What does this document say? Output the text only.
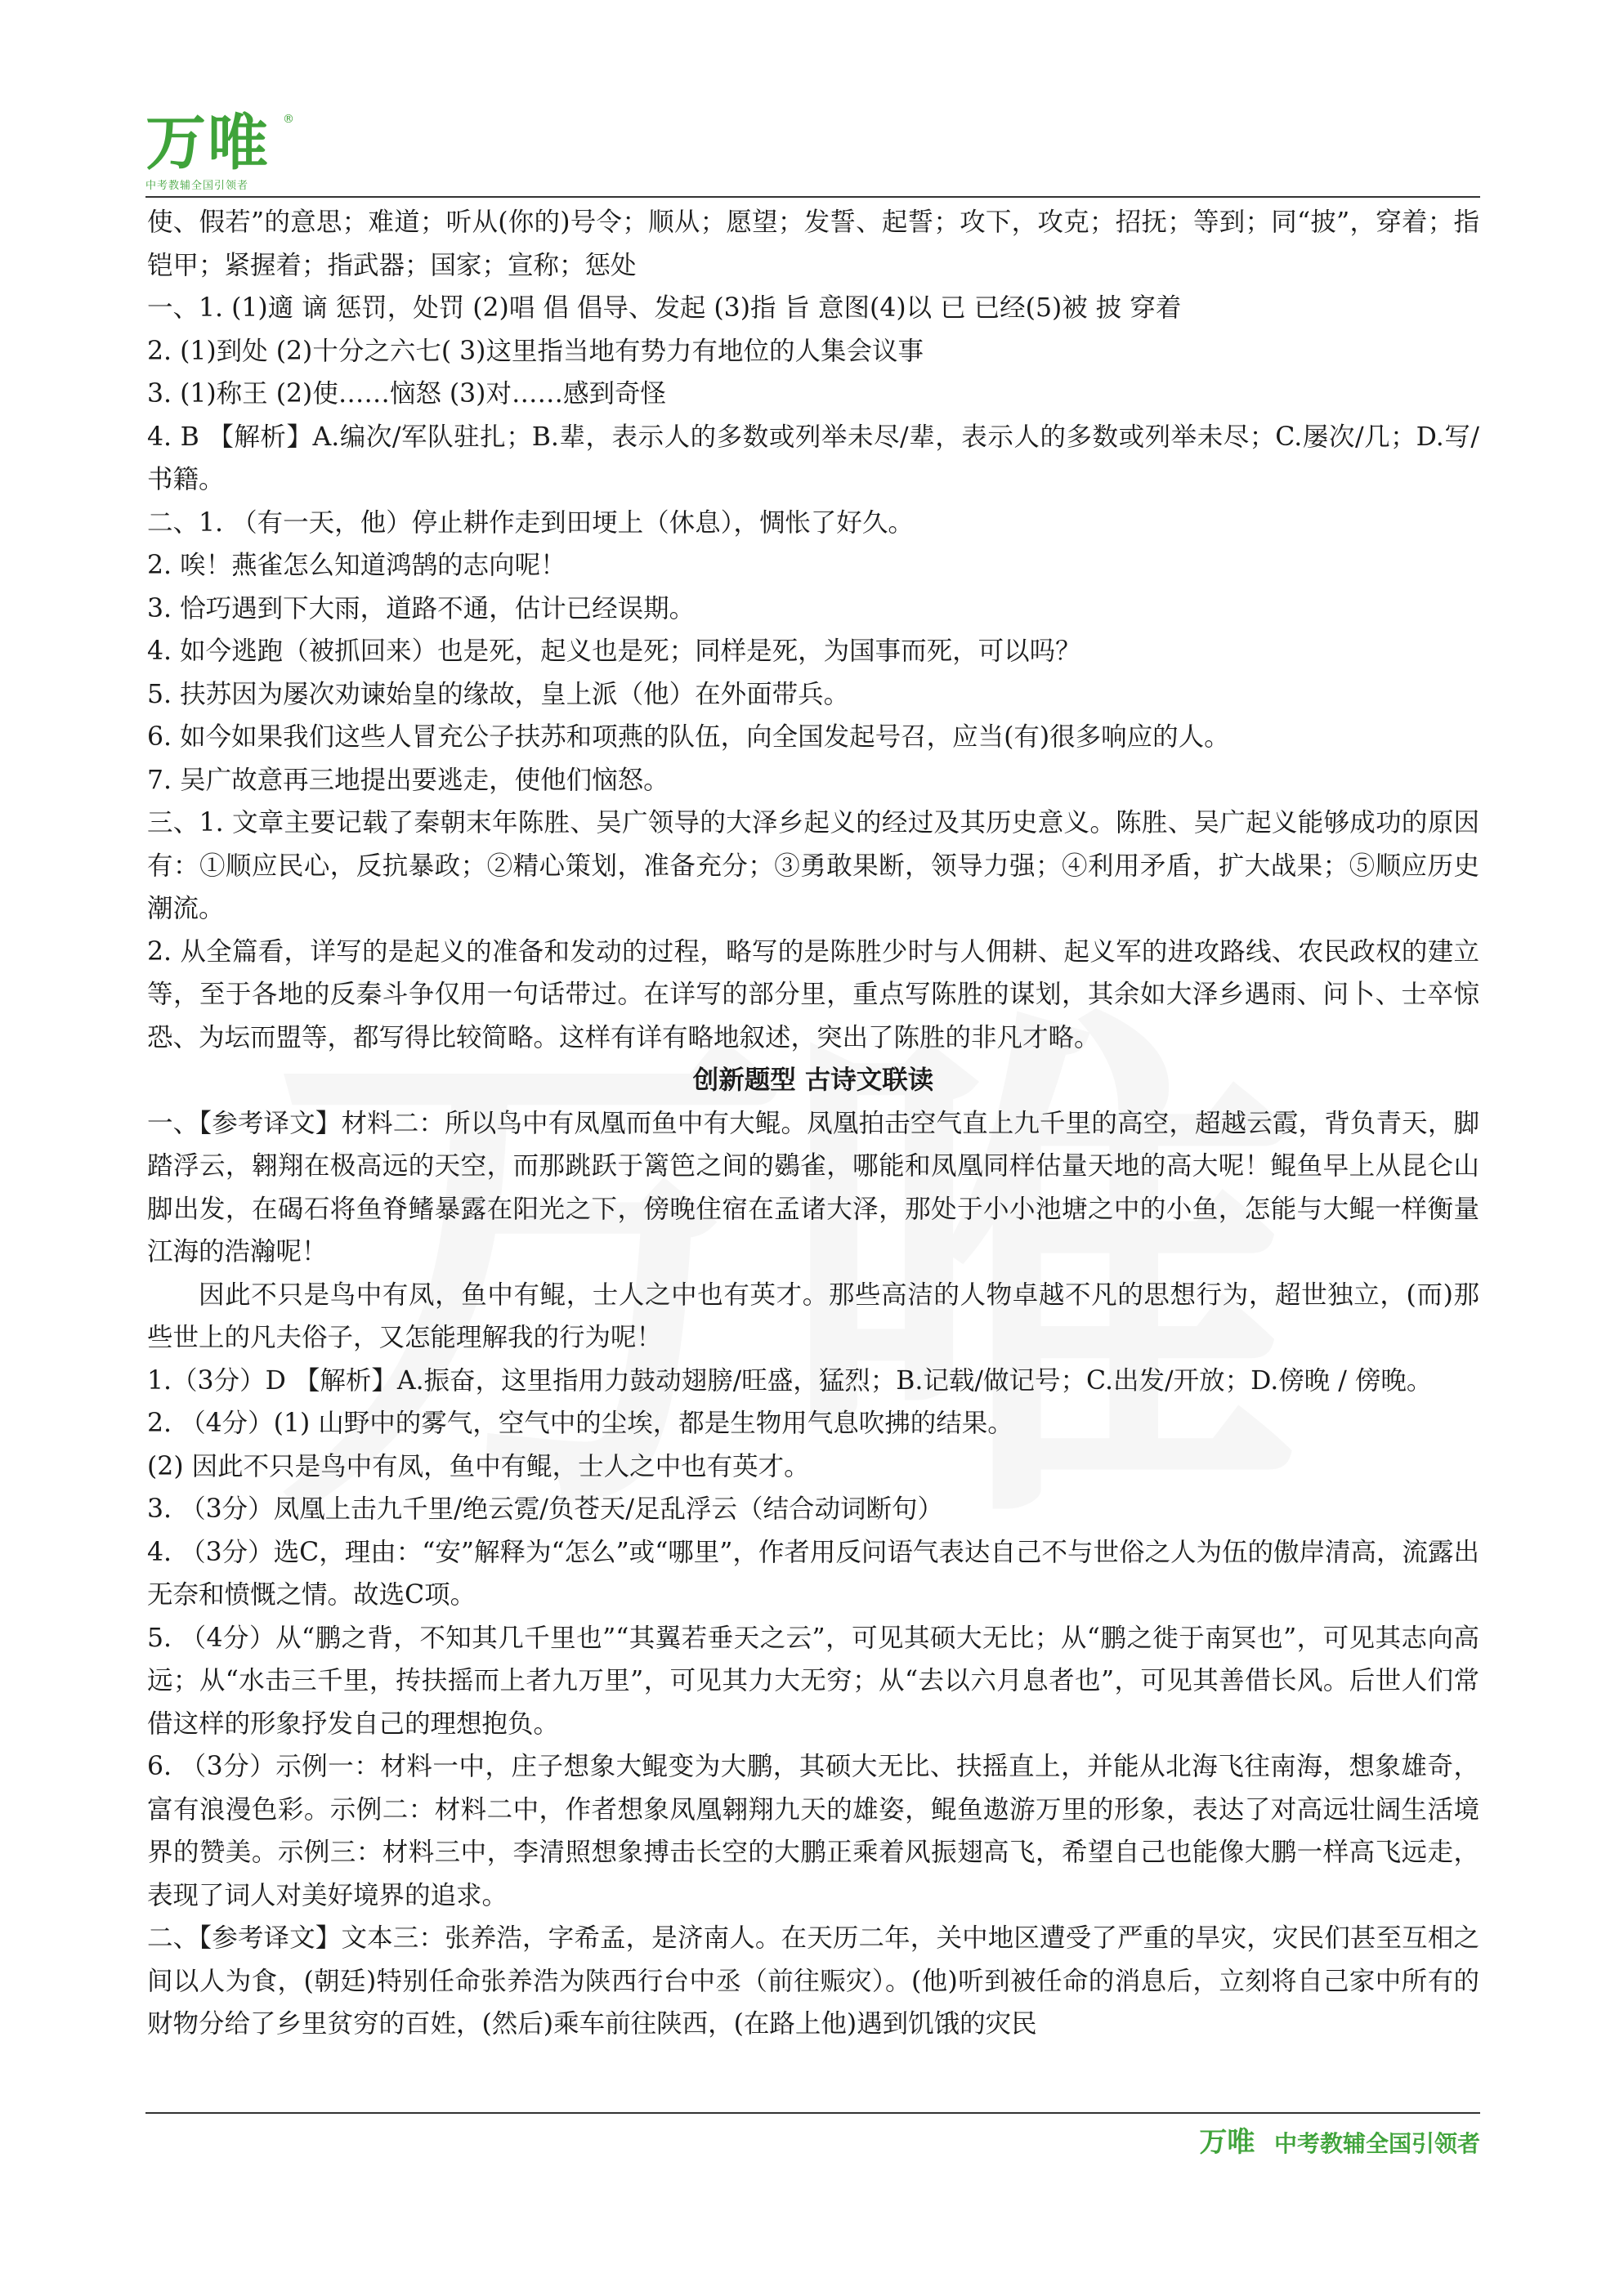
万唯 ®
中考教辅全国引领者

使、假若”的意思；难道；听从(你的)号令；顺从；愿望；发誓、起誓；攻下，攻克；招抚；等到；同“披”，穿着；指铠甲；紧握着；指武器；国家；宣称；惩处

一、1. (1)適 谪 惩罚，处罚 (2)唱 倡 倡导、发起 (3)指 旨 意图(4)以 已 已经(5)被 披 穿着

2. (1)到处 (2)十分之六七( 3)这里指当地有势力有地位的人集会议事

3. (1)称王 (2)使……恼怒 (3)对……感到奇怪

4. B 【解析】A.编次/军队驻扎；B.辈，表示人的多数或列举未尽/辈，表示人的多数或列举未尽；C.屡次/几；D.写/书籍。

二、1. （有一天，他）停止耕作走到田埂上（休息），惆怅了好久。

2. 唉！燕雀怎么知道鸿鹄的志向呢！

3. 恰巧遇到下大雨，道路不通，估计已经误期。

4. 如今逃跑（被抓回来）也是死，起义也是死；同样是死，为国事而死，可以吗？

5. 扶苏因为屡次劝谏始皇的缘故，皇上派（他）在外面带兵。

6. 如今如果我们这些人冒充公子扶苏和项燕的队伍，向全国发起号召，应当(有)很多响应的人。

7. 吴广故意再三地提出要逃走，使他们恼怒。

三、1. 文章主要记载了秦朝末年陈胜、吴广领导的大泽乡起义的经过及其历史意义。陈胜、吴广起义能够成功的原因有：①顺应民心，反抗暴政；②精心策划，准备充分；③勇敢果断，领导力强；④利用矛盾，扩大战果；⑤顺应历史潮流。

2. 从全篇看，详写的是起义的准备和发动的过程，略写的是陈胜少时与人佣耕、起义军的进攻路线、农民政权的建立等，至于各地的反秦斗争仅用一句话带过。在详写的部分里，重点写陈胜的谋划，其余如大泽乡遇雨、问卜、士卒惊恐、为坛而盟等，都写得比较简略。这样有详有略地叙述，突出了陈胜的非凡才略。

创新题型 古诗文联读

一、【参考译文】材料二：所以鸟中有凤凰而鱼中有大鲲。凤凰拍击空气直上九千里的高空，超越云霞，背负青天，脚踏浮云，翱翔在极高远的天空，而那跳跃于篱笆之间的鷃雀，哪能和凤凰同样估量天地的高大呢！鲲鱼早上从昆仑山脚出发，在碣石将鱼脊鳍暴露在阳光之下，傍晚住宿在孟诸大泽，那处于小小池塘之中的小鱼，怎能与大鲲一样衡量江海的浩瀚呢！

因此不只是鸟中有凤，鱼中有鲲，士人之中也有英才。那些高洁的人物卓越不凡的思想行为，超世独立，(而)那些世上的凡夫俗子，又怎能理解我的行为呢！

1.（3分）D 【解析】A.振奋，这里指用力鼓动翅膀/旺盛，猛烈；B.记载/做记号；C.出发/开放；D.傍晚 / 傍晚。

2. （4分）(1) 山野中的雾气，空气中的尘埃，都是生物用气息吹拂的结果。

(2) 因此不只是鸟中有凤，鱼中有鲲，士人之中也有英才。

3. （3分）凤凰上击九千里/绝云霓/负苍天/足乱浮云（结合动词断句）

4. （3分）选C，理由：“安”解释为“怎么”或“哪里”，作者用反问语气表达自己不与世俗之人为伍的傲岸清高，流露出无奈和愤慨之情。故选C项。

5. （4分）从“鹏之背，不知其几千里也”“其翼若垂天之云”，可见其硕大无比；从“鹏之徙于南冥也”，可见其志向高远；从“水击三千里，抟扶摇而上者九万里”，可见其力大无穷；从“去以六月息者也”，可见其善借长风。后世人们常借这样的形象抒发自己的理想抱负。

6. （3分）示例一：材料一中，庄子想象大鲲变为大鹏，其硕大无比、扶摇直上，并能从北海飞往南海，想象雄奇，富有浪漫色彩。示例二：材料二中，作者想象凤凰翱翔九天的雄姿，鲲鱼遨游万里的形象，表达了对高远壮阔生活境界的赞美。示例三：材料三中，李清照想象搏击长空的大鹏正乘着风振翅高飞，希望自己也能像大鹏一样高飞远走，表现了词人对美好境界的追求。

二、【参考译文】文本三：张养浩，字希孟，是济南人。在天历二年，关中地区遭受了严重的旱灾，灾民们甚至互相之间以人为食，(朝廷)特别任命张养浩为陕西行台中丞（前往赈灾）。(他)听到被任命的消息后，立刻将自己家中所有的财物分给了乡里贫穷的百姓，(然后)乘车前往陕西，(在路上他)遇到饥饿的灾民

万唯 中考教辅全国引领者
